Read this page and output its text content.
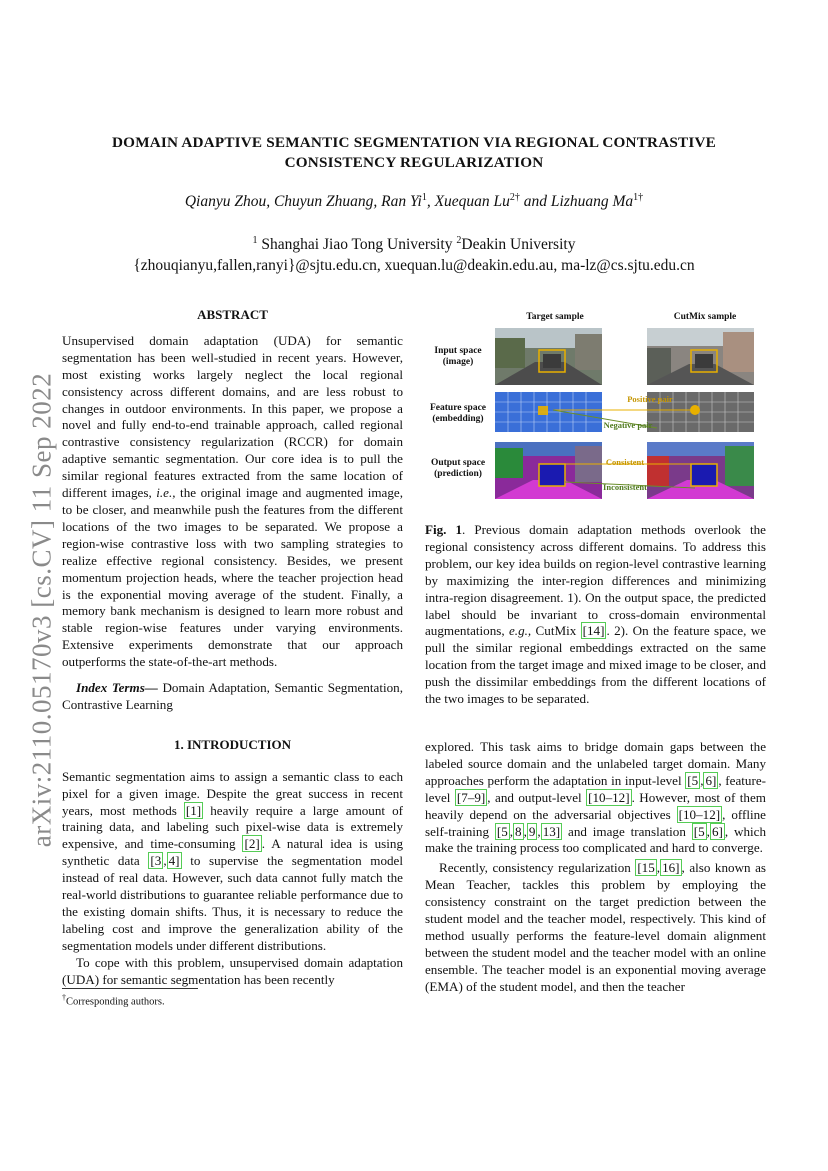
arXiv:2110.05170v3 [cs.CV] 11 Sep 2022
DOMAIN ADAPTIVE SEMANTIC SEGMENTATION VIA REGIONAL CONTRASTIVE
CONSISTENCY REGULARIZATION
Qianyu Zhou, Chuyun Zhuang, Ran Yi$^1$, Xuequan $Lu^{2\dagger}$ and Lizhuang $Ma^{1\dagger}$
$^1$ Shanghai Jiao Tong University $^2$Deakin University
{zhouqianyu,fallen,ranyi}@sjtu.edu.cn, xuequan.lu@deakin.edu.au, ma-lz@cs.sjtu.edu.cn
ABSTRACT

Unsupervised domain adaptation (UDA) for semantic segmentation has been well-studied in recent years. However, most existing works largely neglect the local regional consistency across different domains, and are less robust to changes in outdoor environments. In this paper, we propose a novel and fully end-to-end trainable approach, called regional contrastive consistency regularization (RCCR) for domain adaptive semantic segmentation. Our core idea is to pull the similar regional features extracted from the same location of different images, i.e., the original image and augmented image, to be closer, and meanwhile push the features from the different locations of the two images to be separated. We propose a region-wise contrastive loss with two sampling strategies to realize effective regional consistency. Besides, we present momentum projection heads, where the teacher projection head is the exponential moving average of the student. Finally, a memory bank mechanism is designed to learn more robust and stable region-wise features under varying environments. Extensive experiments demonstrate that our approach outperforms the state-of-the-art methods.

Index Terms— Domain Adaptation, Semantic Segmentation, Contrastive Learning

1. INTRODUCTION

Semantic segmentation aims to assign a semantic class to each pixel for a given image. Despite the great success in recent years, most methods [1] heavily require a large amount of training data, and labeling such pixel-wise data is extremely expensive, and time-consuming [2] . A natural idea is using synthetic data [3 , 4] to supervise the segmentation model instead of real data. However, such data cannot fully match the real-world distributions to guarantee reliable performance due to the existing domain shifts. Thus, it is necessary to reduce the labeling cost and improve the generalization ability of the segmentation models under different distributions.

To cope with this problem, unsupervised domain adaptation (UDA) for semantic segmentation has been recently

†Corresponding authors.
Target sample	CutMix sample
Input space
(image)
Feature space
(embedding)
Output space
(prediction)
Positive pair
Negative pair
Consistent
Inconsistent
Fig. 1. Previous domain adaptation methods overlook the regional consistency across different domains. To address this problem, our key idea builds on region-level contrastive learning by maximizing the inter-region differences and minimizing intra-region disagreement. 1). On the output space, the predicted label should be invariant to cross-domain environmental augmentations, e.g., CutMix [14] . 2). On the feature space, we pull the similar regional embeddings extracted on the same location from the target image and mixed image to be closer, and push the dissimilar embeddings from the different locations of the two images to be separated.

explored. This task aims to bridge domain gaps between the labeled source domain and the unlabeled target domain. Many approaches perform the adaptation in input-level [5 , 6] , feature-level [7–9] , and output-level [10–12] . However, most of them heavily depend on the adversarial objectives [10–12] , offline self-training [5 , 8 , 9 , 13] and image translation [5 , 6] , which make the training process too complicated and hard to converge.

Recently, consistency regularization [15 , 16] , also known as Mean Teacher, tackles this problem by employing the consistency constraint on the target prediction between the student model and the teacher model, respectively. This kind of method usually performs the feature-level domain alignment between the student model and the teacher model with an online ensemble. The teacher model is an exponential moving average (EMA) of the student model, and then the teacher
